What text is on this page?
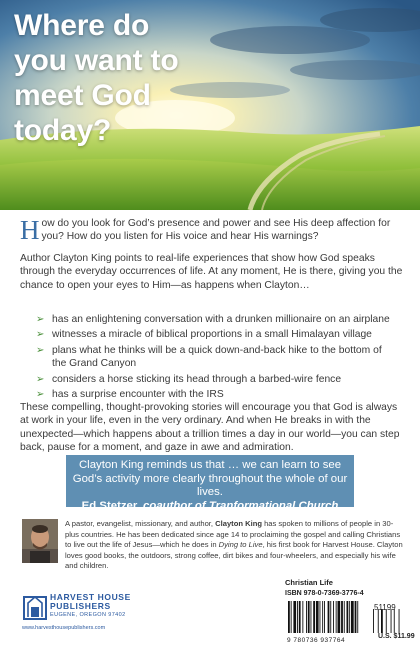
Where do
you want to
meet God
today?
How do you look for God’s presence and power and see His deep affection for you? How do you listen for His voice and hear His warnings?
Author Clayton King points to real-life experiences that show how God speaks through the everyday occurrences of life. At any moment, He is there, giving you the chance to open your eyes to Him—as happens when Clayton…
➢ has an enlightening conversation with a drunken millionaire on an airplane
➢ witnesses a miracle of biblical proportions in a small Himalayan village
➢ plans what he thinks will be a quick down-and-back hike to the bottom of the Grand Canyon
➢ considers a horse sticking its head through a barbed-wire fence
➢ has a surprise encounter with the IRS
These compelling, thought-provoking stories will encourage you that God is always at work in your life, even in the very ordinary. And when He breaks in with the unexpected—which happens about a trillion times a day in our world—you can step back, pause for a moment, and gaze in awe and admiration.
Clayton King reminds us that … we can learn to see God’s activity more clearly throughout the whole of our lives.
Ed Stetzer, coauthor of Tranformational Church
A pastor, evangelist, missionary, and author, Clayton King has spoken to millions of people in 30-plus countries. He has been dedicated since age 14 to proclaiming the gospel and calling Christians to live out the life of Jesus—which he does in Dying to Live, his first book for Harvest House. Clayton loves good books, the outdoors, strong coffee, dirt bikes and four-wheelers, and especially his wife and children.
HARVEST HOUSE
PUBLISHERS
EUGENE, OREGON 97402
www.harvesthousepublishers.com
Christian Life
ISBN 978-0-7369-3776-4
51199
9 780736 937764
U.S. $11.99
